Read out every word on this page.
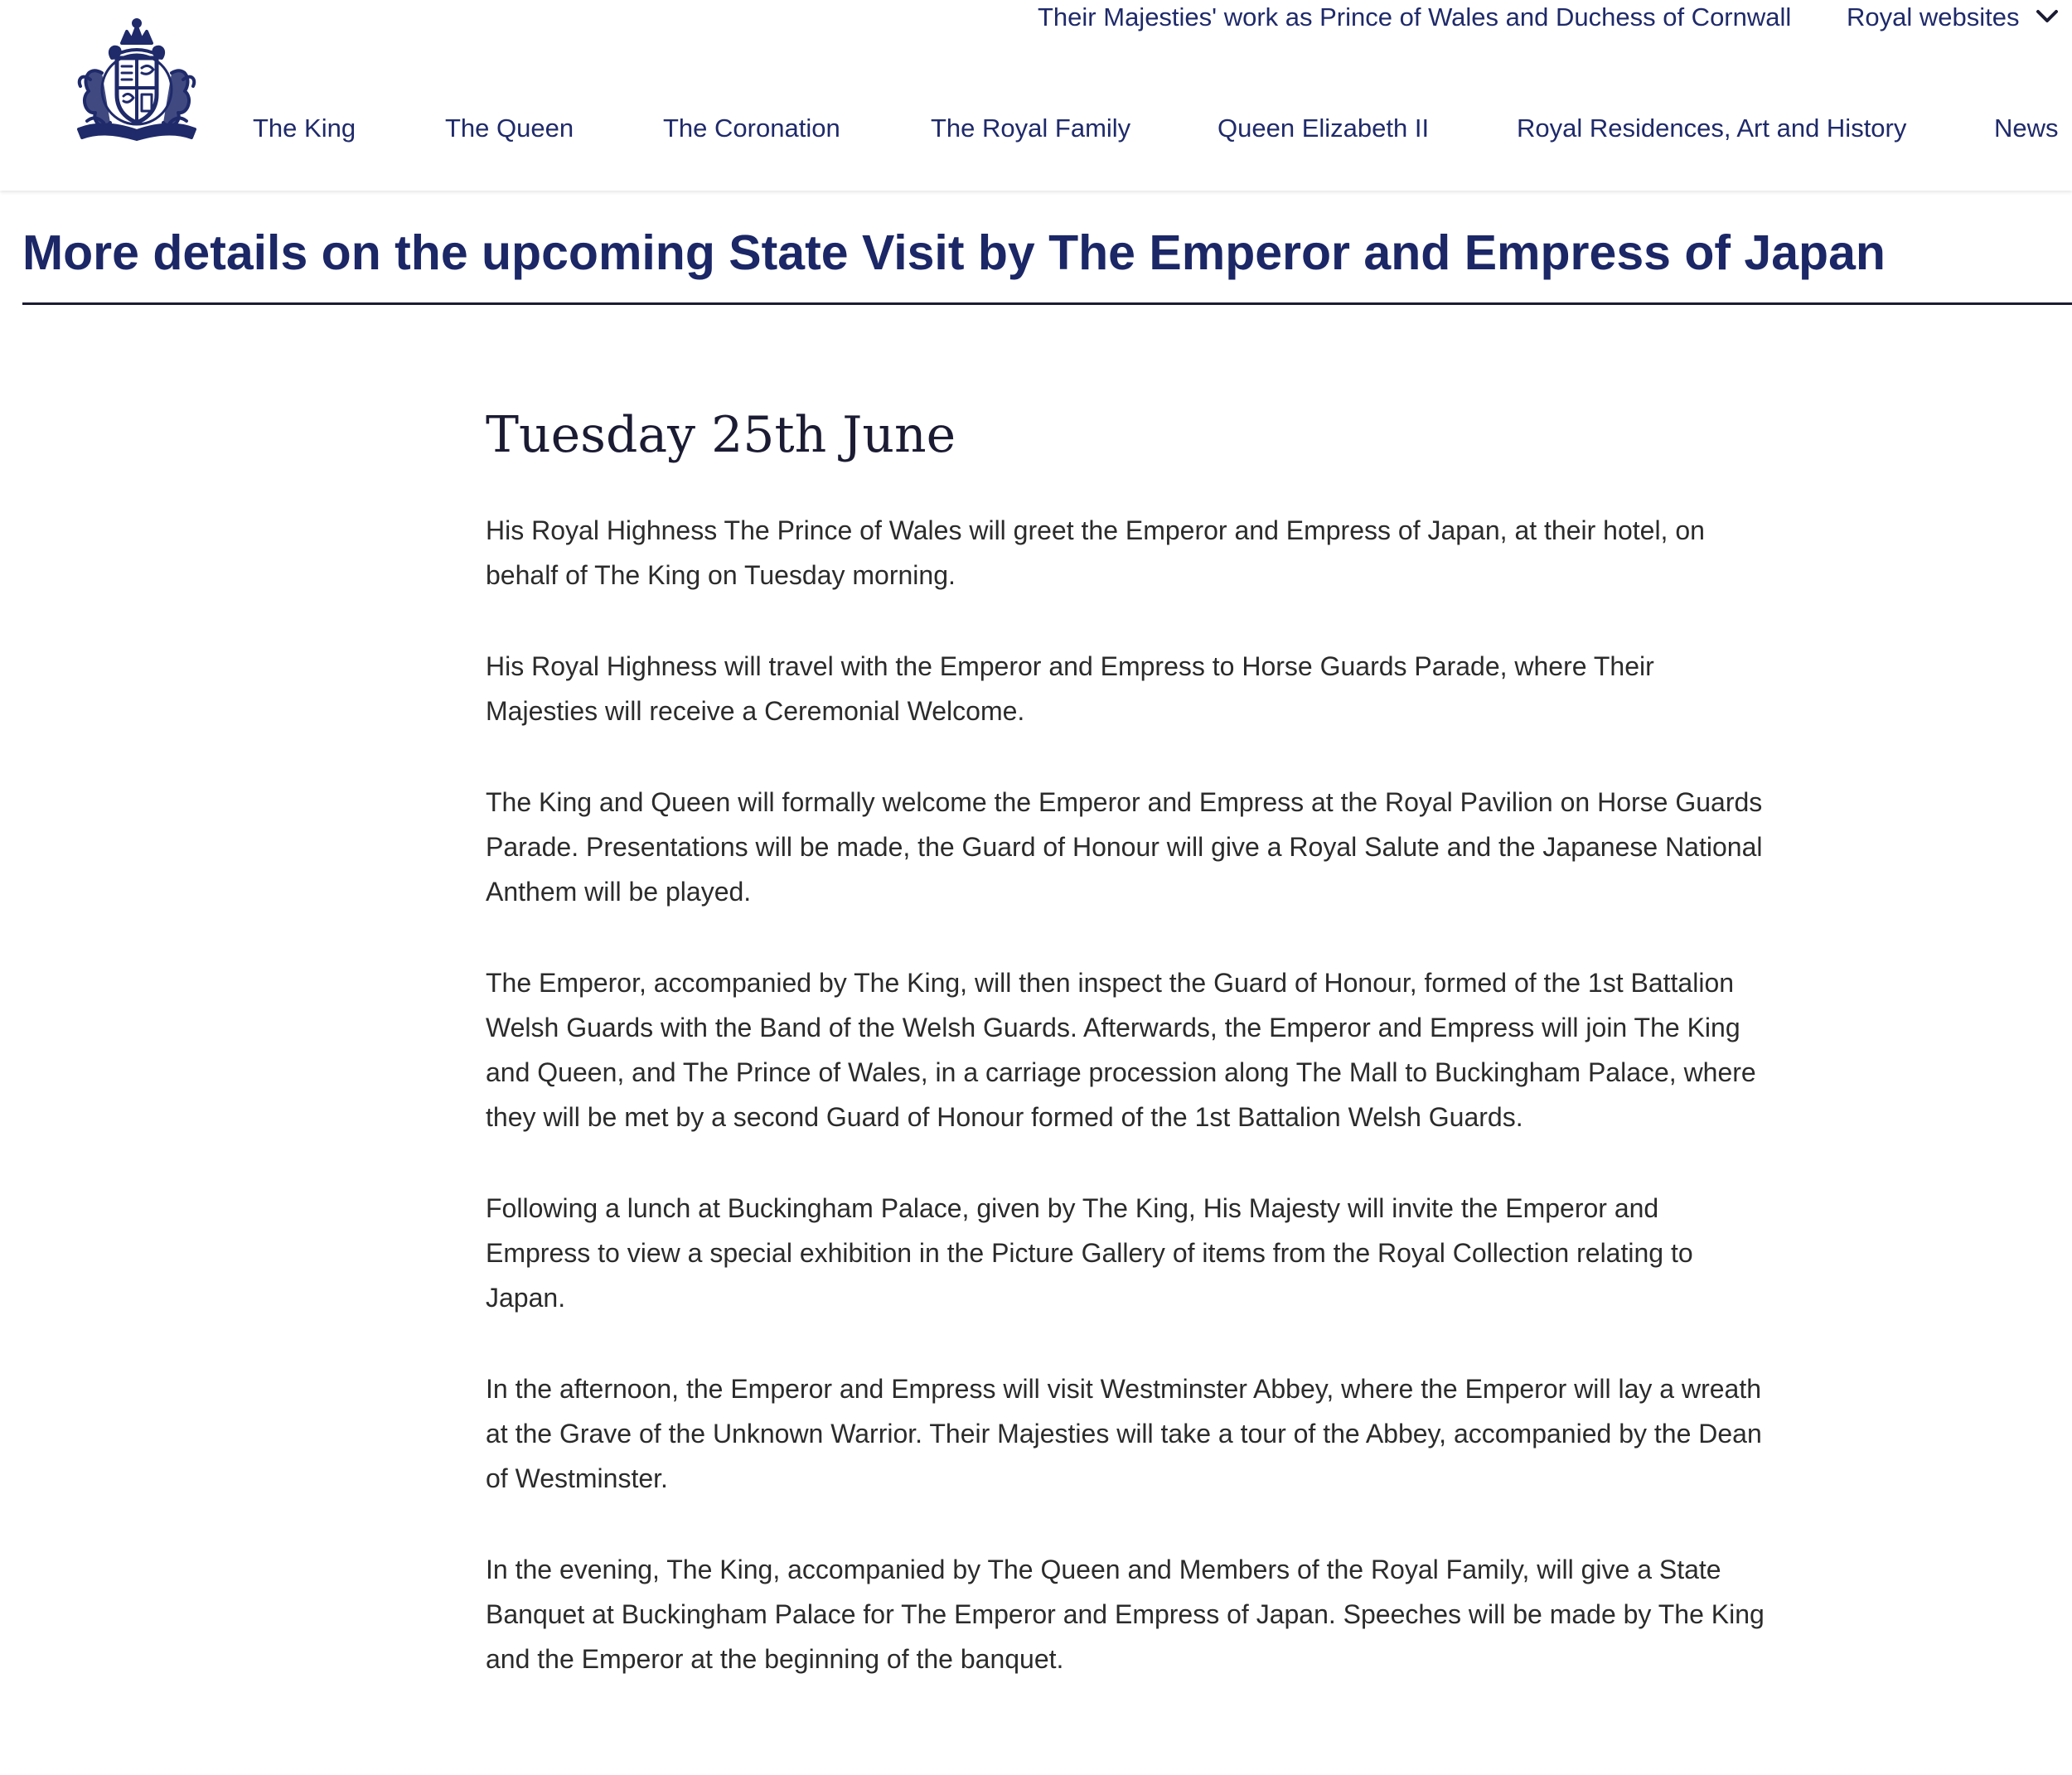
Their Majesties' work as Prince of Wales and Duchess of Cornwall Royal websites
The King	The Queen	The Coronation	The Royal Family	Queen Elizabeth II	Royal Residences, Art and History	News
More details on the upcoming State Visit by The Emperor and Empress of Japan
Tuesday 25th June

His Royal Highness The Prince of Wales will greet the Emperor and Empress of Japan, at their hotel, on behalf of The King on Tuesday morning.

His Royal Highness will travel with the Emperor and Empress to Horse Guards Parade, where Their Majesties will receive a Ceremonial Welcome.

The King and Queen will formally welcome the Emperor and Empress at the Royal Pavilion on Horse Guards Parade. Presentations will be made, the Guard of Honour will give a Royal Salute and the Japanese National Anthem will be played.

The Emperor, accompanied by The King, will then inspect the Guard of Honour, formed of the 1st Battalion Welsh Guards with the Band of the Welsh Guards. Afterwards, the Emperor and Empress will join The King and Queen, and The Prince of Wales, in a carriage procession along The Mall to Buckingham Palace, where they will be met by a second Guard of Honour formed of the 1st Battalion Welsh Guards.

Following a lunch at Buckingham Palace, given by The King, His Majesty will invite the Emperor and Empress to view a special exhibition in the Picture Gallery of items from the Royal Collection relating to Japan.

In the afternoon, the Emperor and Empress will visit Westminster Abbey, where the Emperor will lay a wreath at the Grave of the Unknown Warrior. Their Majesties will take a tour of the Abbey, accompanied by the Dean of Westminster.

In the evening, The King, accompanied by The Queen and Members of the Royal Family, will give a State Banquet at Buckingham Palace for The Emperor and Empress of Japan. Speeches will be made by The King and the Emperor at the beginning of the banquet.
